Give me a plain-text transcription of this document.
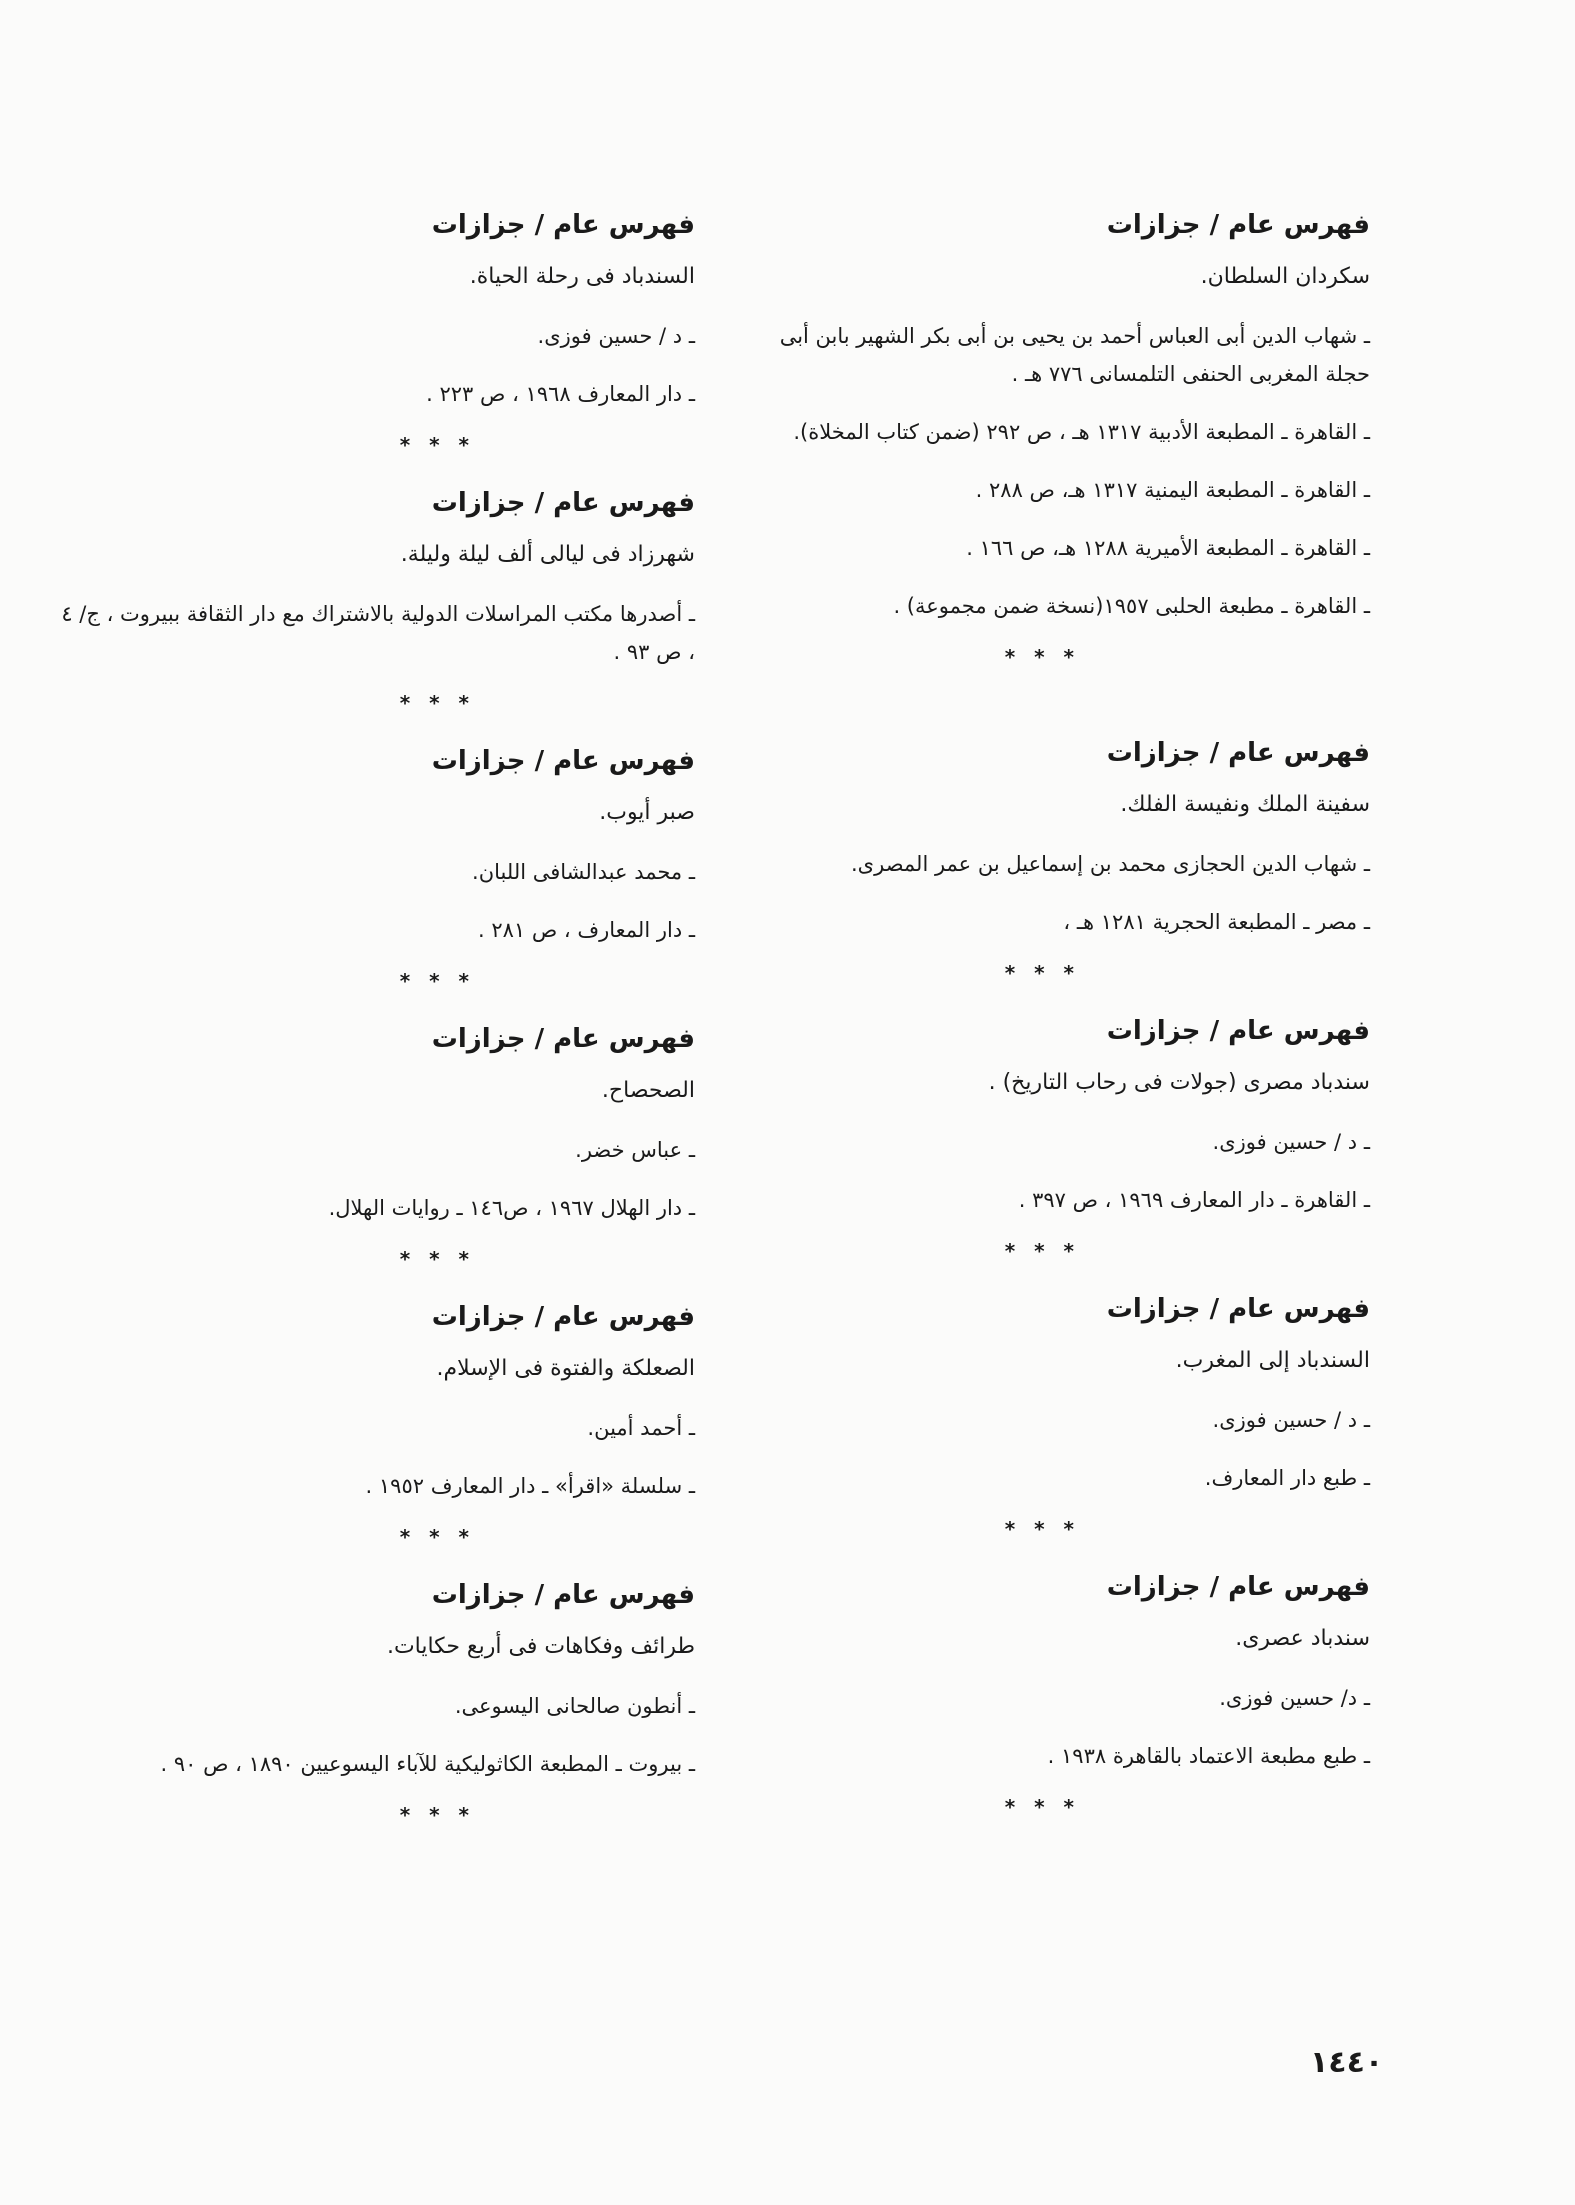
فهرس عام / جزازات
سكردان السلطان.
ـ شهاب الدين أبى العباس أحمد بن يحيى بن أبى بكر الشهير بابن أبى حجلة المغربى الحنفى التلمسانى ٧٧٦ هـ .
ـ القاهرة ـ المطبعة الأدبية ١٣١٧ هـ ، ص ٢٩٢ (ضمن كتاب المخلاة).
ـ القاهرة ـ المطبعة اليمنية ١٣١٧ هـ، ص ٢٨٨ .
ـ القاهرة ـ المطبعة الأميرية ١٢٨٨ هـ، ص ١٦٦ .
ـ القاهرة ـ مطبعة الحلبى ١٩٥٧(نسخة ضمن مجموعة) .
* * *
فهرس عام / جزازات
سفينة الملك ونفيسة الفلك.
ـ شهاب الدين الحجازى محمد بن إسماعيل بن عمر المصرى.
ـ مصر ـ المطبعة الحجرية ١٢٨١ هـ ،
* * *
فهرس عام / جزازات
سندباد مصرى (جولات فى رحاب التاريخ) .
ـ د / حسين فوزى.
ـ القاهرة ـ دار المعارف ١٩٦٩ ، ص ٣٩٧ .
* * *
فهرس عام / جزازات
السندباد إلى المغرب.
ـ د / حسين فوزى.
ـ طبع دار المعارف.
* * *
فهرس عام / جزازات
سندباد عصرى.
ـ د/ حسين فوزى.
ـ طبع مطبعة الاعتماد بالقاهرة ١٩٣٨ .
* * *
فهرس عام / جزازات
السندباد فى رحلة الحياة.
ـ د / حسين فوزى.
ـ دار المعارف ١٩٦٨ ، ص ٢٢٣ .
* * *
فهرس عام / جزازات
شهرزاد فى ليالى ألف ليلة وليلة.
ـ أصدرها مكتب المراسلات الدولية بالاشتراك مع دار الثقافة ببيروت ، ج/ ٤ ، ص ٩٣ .
* * *
فهرس عام / جزازات
صبر أيوب.
ـ محمد عبدالشافى اللبان.
ـ دار المعارف ، ص ٢٨١ .
* * *
فهرس عام / جزازات
الصحصاح.
ـ عباس خضر.
ـ دار الهلال ١٩٦٧ ، ص١٤٦ ـ روايات الهلال.
* * *
فهرس عام / جزازات
الصعلكة والفتوة فى الإسلام.
ـ أحمد أمين.
ـ سلسلة «اقرأ» ـ دار المعارف ١٩٥٢ .
* * *
فهرس عام / جزازات
طرائف وفكاهات فى أربع حكايات.
ـ أنطون صالحانى اليسوعى.
ـ بيروت ـ المطبعة الكاثوليكية للآباء اليسوعيين ١٨٩٠ ، ص ٩٠ .
* * *
١٤٤٠
